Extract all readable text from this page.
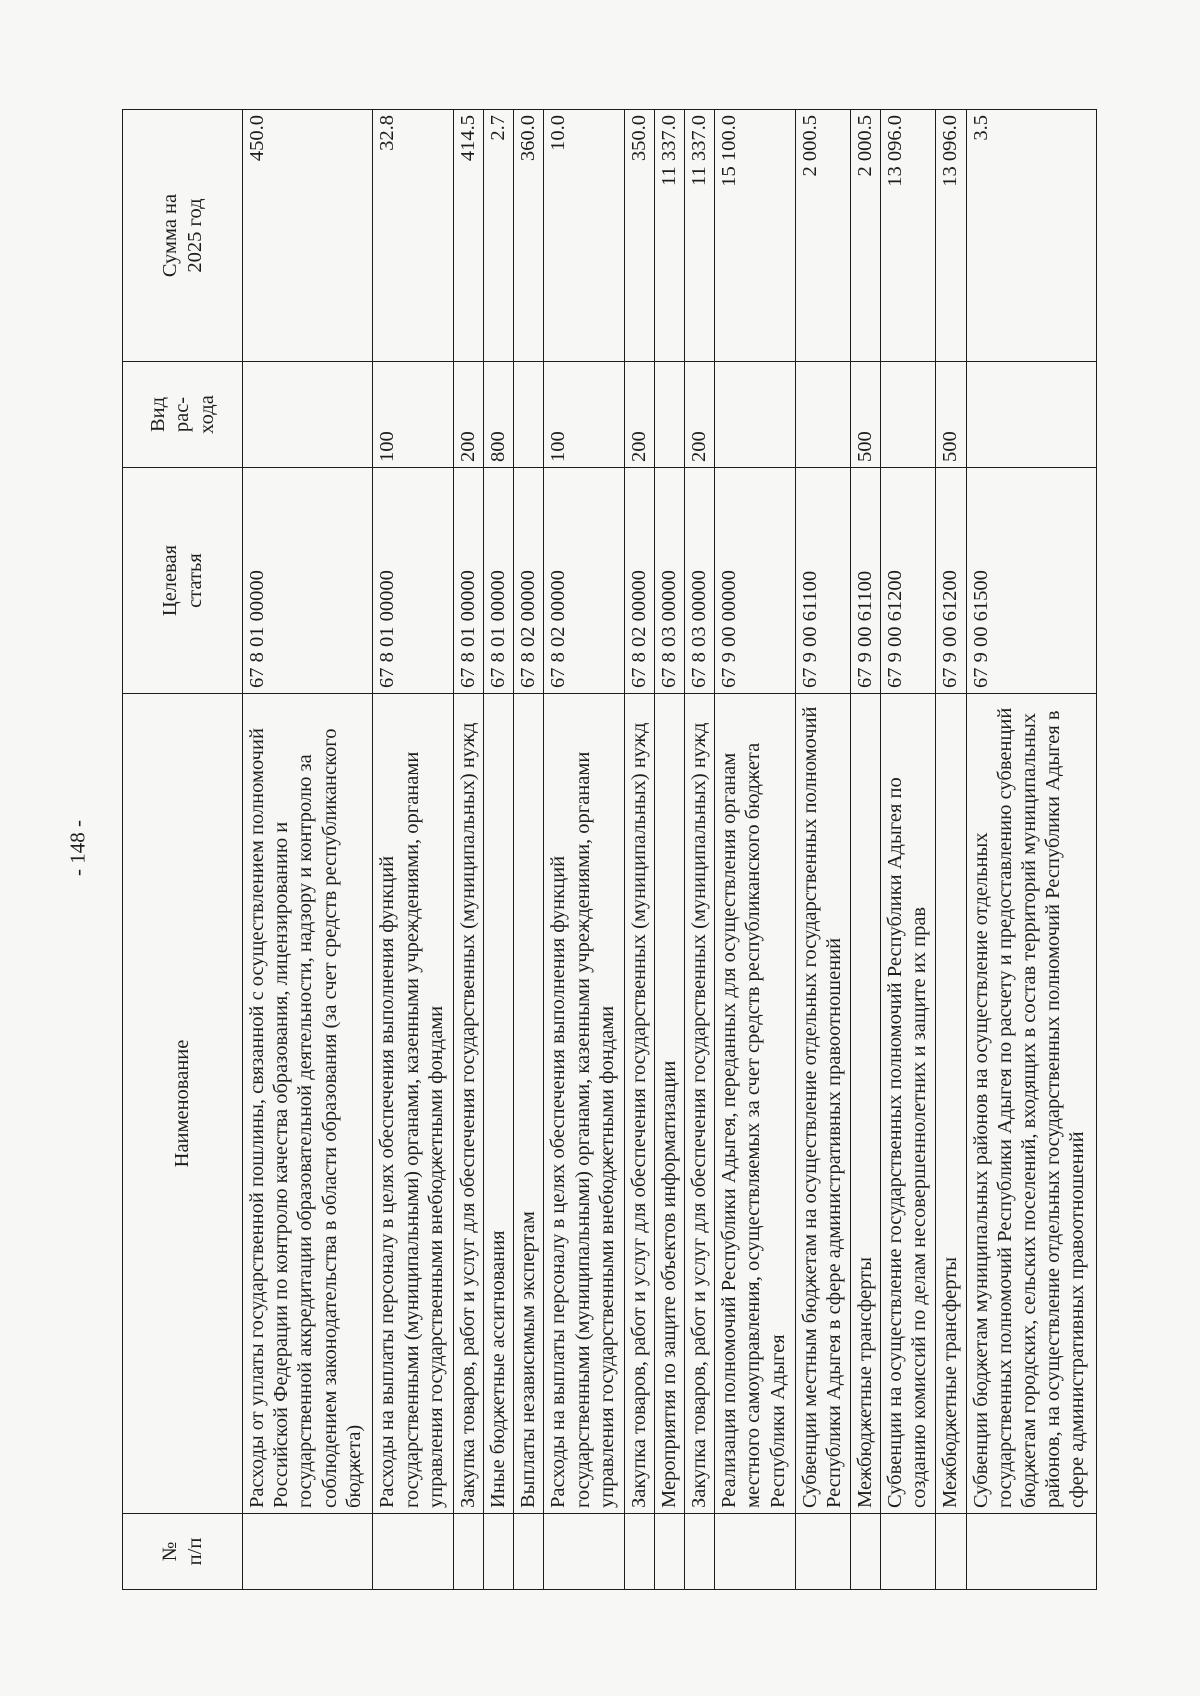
- 148 -
№ п/п	Наименование	Целевая статья	Вид рас- хода	Сумма на 2025 год

	Расходы от уплаты государственной пошлины, связанной с осуществлением полномочий Российской Федерации по контролю качества образования, лицензированию и государственной аккредитации образовательной деятельности, надзору и контролю за соблюдением законодательства в области образования (за счет средств республиканского бюджета)	67 8 01 00000		450.0
	Расходы на выплаты персоналу в целях обеспечения выполнения функций государственными (муниципальными) органами, казенными учреждениями, органами управления государственными внебюджетными фондами	67 8 01 00000	100	32.8
	Закупка товаров, работ и услуг для обеспечения государственных (муниципальных) нужд	67 8 01 00000	200	414.5
	Иные бюджетные ассигнования	67 8 01 00000	800	2.7
	Выплаты независимым экспертам	67 8 02 00000		360.0
	Расходы на выплаты персоналу в целях обеспечения выполнения функций государственными (муниципальными) органами, казенными учреждениями, органами управления государственными внебюджетными фондами	67 8 02 00000	100	10.0
	Закупка товаров, работ и услуг для обеспечения государственных (муниципальных) нужд	67 8 02 00000	200	350.0
	Мероприятия по защите объектов информатизации	67 8 03 00000		11 337.0
	Закупка товаров, работ и услуг для обеспечения государственных (муниципальных) нужд	67 8 03 00000	200	11 337.0
	Реализация полномочий Республики Адыгея, переданных для осуществления органам местного самоуправления, осуществляемых за счет средств республиканского бюджета Республики Адыгея	67 9 00 00000		15 100.0
	Субвенции местным бюджетам на осуществление отдельных государственных полномочий Республики Адыгея в сфере административных правоотношений	67 9 00 61100		2 000.5
	Межбюджетные трансферты	67 9 00 61100	500	2 000.5
	Субвенции на осуществление государственных полномочий Республики Адыгея по созданию комиссий по делам несовершеннолетних и защите их прав	67 9 00 61200		13 096.0
	Межбюджетные трансферты	67 9 00 61200	500	13 096.0
	Субвенции бюджетам муниципальных районов на осуществление отдельных государственных полномочий Республики Адыгея по расчету и предоставлению субвенций бюджетам городских, сельских поселений, входящих в состав территорий муниципальных районов, на осуществление отдельных государственных полномочий Республики Адыгея в сфере административных правоотношений	67 9 00 61500		3.5
